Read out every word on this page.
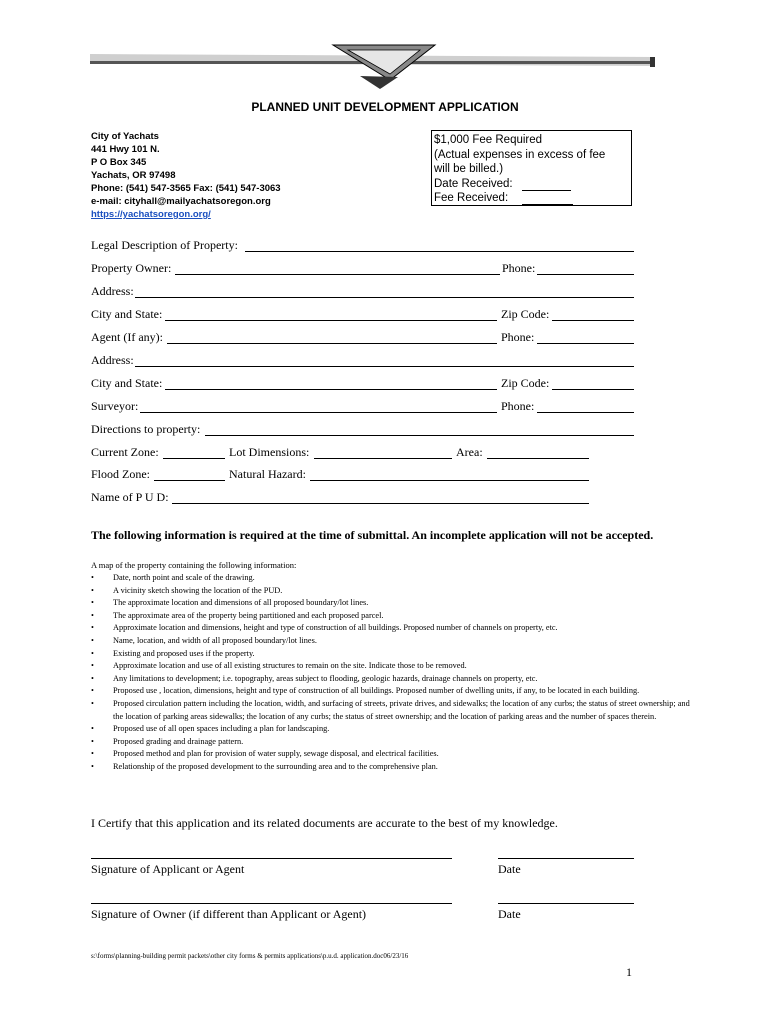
PLANNED UNIT DEVELOPMENT APPLICATION
City of Yachats
441 Hwy 101 N.
P O Box 345
Yachats, OR 97498
Phone: (541) 547-3565 Fax: (541) 547-3063
e-mail: cityhall@mailyachatsoregon.org
https://yachatsoregon.org/
$1,000 Fee Required
(Actual expenses in excess of fee
will be billed.)
Date Received:
Fee Received:
Legal Description of Property:
Property Owner:	Phone:
Address:
City and State:	Zip Code:
Agent (If any):	Phone:
Address:
City and State:	Zip Code:
Surveyor:	Phone:
Directions to property:
Current Zone:	Lot Dimensions:	Area:
Flood Zone:	Natural Hazard:
Name of P U D:
The following information is required at the time of submittal. An incomplete application will not be accepted.
A map of the property containing the following information:
• Date, north point and scale of the drawing.
• A vicinity sketch showing the location of the PUD.
• The approximate location and dimensions of all proposed boundary/lot lines.
• The approximate area of the property being partitioned and each proposed parcel.
• Approximate location and dimensions, height and type of construction of all buildings. Proposed number of channels on property, etc.
• Name, location, and width of all proposed boundary/lot lines.
• Existing and proposed uses if the property.
• Approximate location and use of all existing structures to remain on the site. Indicate those to be removed.
• Any limitations to development; i.e. topography, areas subject to flooding, geologic hazards, drainage channels on property, etc.
• Proposed use , location, dimensions, height and type of construction of all buildings. Proposed number of dwelling units, if any, to be located in each building.
• Proposed circulation pattern including the location, width, and surfacing of streets, private drives, and sidewalks; the location of any curbs; the status of street ownership; and the location of parking areas sidewalks; the location of any curbs; the status of street ownership; and the location of parking areas and the number of spaces therein.
• Proposed use of all open spaces including a plan for landscaping.
• Proposed grading and drainage pattern.
• Proposed method and plan for provision of water supply, sewage disposal, and electrical facilities.
• Relationship of the proposed development to the surrounding area and to the comprehensive plan.
I Certify that this application and its related documents are accurate to the best of my knowledge.
Signature of Applicant or Agent	Date
Signature of Owner (if different than Applicant or Agent)	Date
s:\forms\planning-building permit packets\other city forms & permits applications\p.u.d. application.doc06/23/16
1
